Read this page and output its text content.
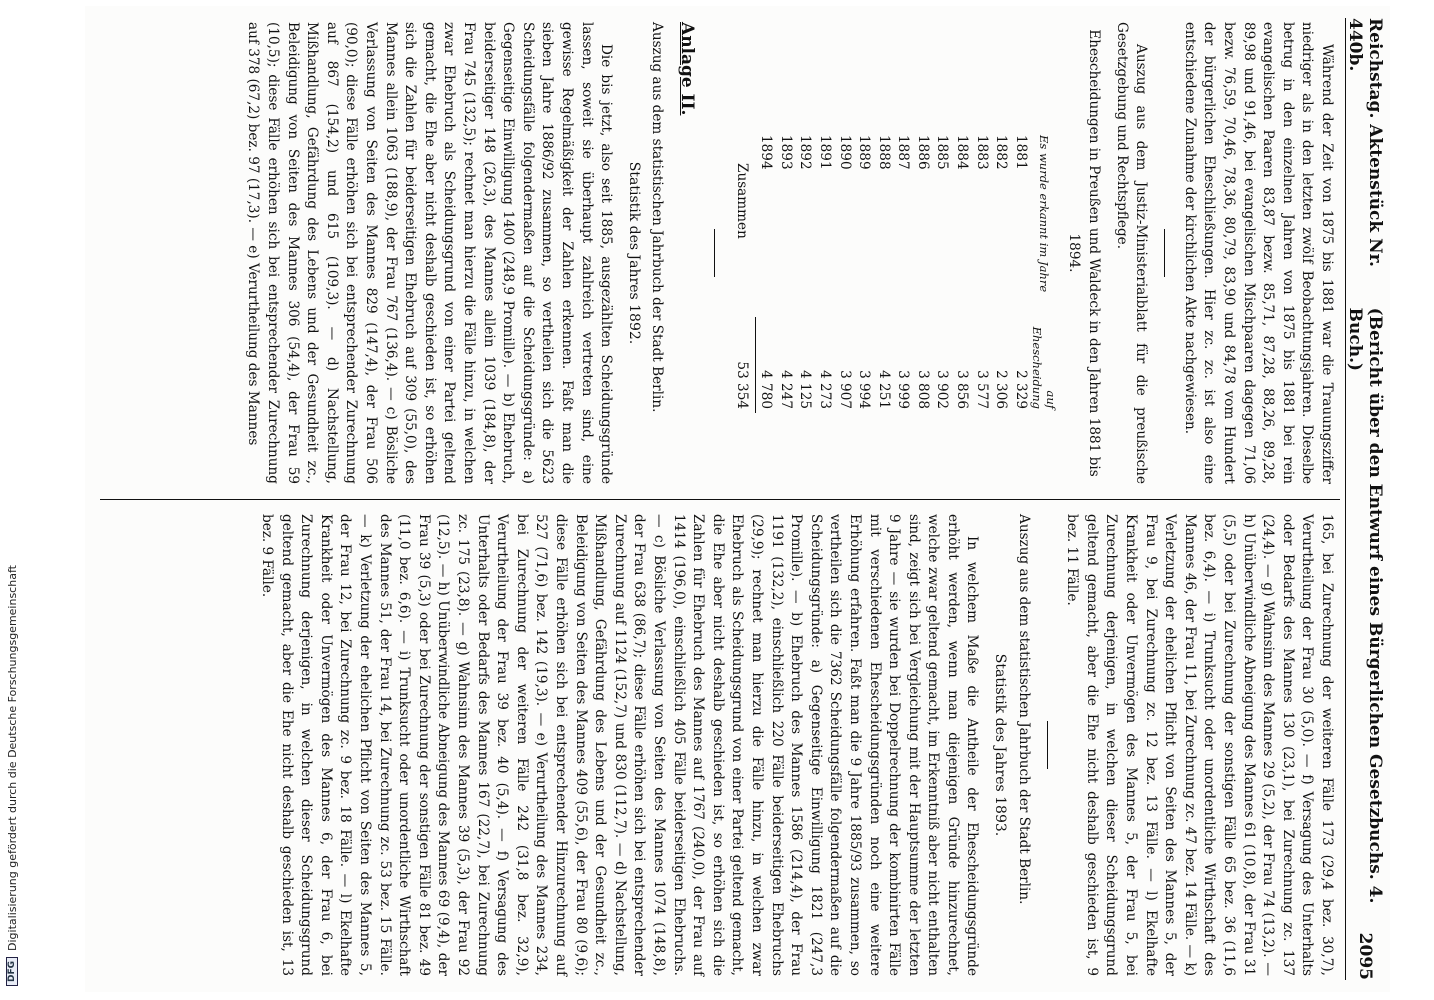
DFG
Digitalisierung gefördert durch die Deutsche Forschungsgemeinschaft
Reichstag. Aktenstück Nr. 440b.
(Bericht über den Entwurf eines Bürgerlichen Gesetzbuchs. 4. Buch.)
2095

Während der Zeit von 1875 bis 1881 war die Trauungsziffer niedriger als in den letzten zwölf Beobachtungsjahren. Dieselbe betrug in den einzelnen Jahren von 1875 bis 1881 bei rein evangelischen Paaren 83,87 bezw. 85,71, 87,28, 88,26, 89,28, 89,98 und 91,46, bei evangelischen Mischpaaren dagegen 71,06 bezw. 76,59, 70,46, 78,36, 80,79, 83,90 und 84,78 vom Hundert der bürgerlichen Eheschließungen. Hier zc. zc. ist also eine entschiedene Zunahme der kirchlichen Akte nachgewiesen.

Auszug aus dem Justiz-Ministerialblatt für die preußische Gesetzgebung und Rechtspflege.

Ehescheidungen in Preußen und Waldeck in den Jahren 1881 bis 1894.

Es wurde erkannt im Jahre	auf Ehescheidung
1881	2 329
1882	2 306
1883	3 577
1884	3 856
1885	3 902
1886	3 808
1887	3 999
1888	4 251
1889	3 994
1890	3 907
1891	4 273
1892	4 125
1893	4 247
1894	4 780
Zusammen	53 354
Anlage II.

Auszug aus dem statistischen Jahrbuch der Stadt Berlin.

Statistik des Jahres 1892.

Die bis jetzt, also seit 1885, ausgezählten Scheidungsgründe lassen, soweit sie überhaupt zahlreich vertreten sind, eine gewisse Regelmäßigkeit der Zahlen erkennen. Faßt man die sieben Jahre 1886/92 zusammen, so vertheilen sich die 5623 Scheidungsfälle folgendermaßen auf die Scheidungsgründe: a) Gegenseitige Einwilligung 1400 (248,9 Promille). — b) Ehebruch, beiderseitiger 148 (26,3), des Mannes allein 1039 (184,8), der Frau 745 (132,5); rechnet man hierzu die Fälle hinzu, in welchen zwar Ehebruch als Scheidungsgrund von einer Partei geltend gemacht, die Ehe aber nicht deshalb geschieden ist, so erhöhen sich die Zahlen für beiderseitigen Ehebruch auf 309 (55,0), des Mannes allein 1063 (188,9), der Frau 767 (136,4). — c) Bösliche Verlassung von Seiten des Mannes 829 (147,4), der Frau 506 (90,0); diese Fälle erhöhen sich bei entsprechender Zurechnung auf 867 (154,2) und 615 (109,3). — d) Nachstellung, Mißhandlung, Gefährdung des Lebens und der Gesundheit zc., Beleidigung von Seiten des Mannes 306 (54,4), der Frau 59 (10,5); diese Fälle erhöhen sich bei entsprechender Zurechnung auf 378 (67,2) bez. 97 (17,3). — e) Verurtheilung des Mannes

165, bei Zurechnung der weiteren Fälle 173 (29,4 bez. 30,7), Verurtheilung der Frau 30 (5,0). — f) Versagung des Unterhalts oder Bedarfs des Mannes 130 (23,1), bei Zurechnung zc. 137 (24,4). — g) Wahnsinn des Mannes 29 (5,2), der Frau 74 (13,2). — h) Unüberwindliche Abneigung des Mannes 61 (10,8), der Frau 31 (5,5) oder bei Zurechnung der sonstigen Fälle 65 bez. 36 (11,6 bez. 6,4). — i) Trunksucht oder unordentliche Wirthschaft des Mannes 46, der Frau 11, bei Zurechnung zc. 47 bez. 14 Fälle. — k) Verletzung der ehelichen Pflicht von Seiten des Mannes 5, der Frau 9, bei Zurechnung zc. 12 bez. 13 Fälle. — l) Ekelhafte Krankheit oder Unvermögen des Mannes 5, der Frau 5, bei Zurechnung derjenigen, in welchen dieser Scheidungsgrund geltend gemacht, aber die Ehe nicht deshalb geschieden ist, 9 bez. 11 Fälle.

Auszug aus dem statistischen Jahrbuch der Stadt Berlin.

Statistik des Jahres 1893.

In welchem Maße die Antheile der Ehescheidungsgründe erhöht werden, wenn man diejenigen Gründe hinzurechnet, welche zwar geltend gemacht, im Erkenntniß aber nicht enthalten sind, zeigt sich bei Vergleichung mit der Hauptsumme der letzten 9 Jahre — sie wurden bei Doppelrechnung der kombinirten Fälle mit verschiedenen Ehescheidungsgründen noch eine weitere Erhöhung erfahren. Faßt man die 9 Jahre 1885/93 zusammen, so vertheilen sich die 7362 Scheidungsfälle folgendermaßen auf die Scheidungsgründe: a) Gegenseitige Einwilligung 1821 (247,3 Promille). — b) Ehebruch des Mannes 1586 (214,4), der Frau 1191 (132,2), einschließlich 220 Fälle beiderseitigen Ehebruchs (29,9); rechnet man hierzu die Fälle hinzu, in welchen zwar Ehebruch als Scheidungsgrund von einer Partei geltend gemacht, die Ehe aber nicht deshalb geschieden ist, so erhöhen sich die Zahlen für Ehebruch des Mannes auf 1767 (240,0), der Frau auf 1414 (196,0), einschließlich 405 Fälle beiderseitigen Ehebruchs. — c) Bösliche Verlassung von Seiten des Mannes 1074 (148,8), der Frau 638 (86,7); diese Fälle erhöhen sich bei entsprechender Zurechnung auf 1124 (152,7) und 830 (112,7). — d) Nachstellung, Mißhandlung, Gefährdung des Lebens und der Gesundheit zc., Beleidigung von Seiten des Mannes 409 (55,6), der Frau 80 (9,6); diese Fälle erhöhen sich bei entsprechender Hinzurechnung auf 527 (71,6) bez. 142 (19,3). — e) Verurtheilung des Mannes 234, bei Zurechnung der weiteren Fälle 242 (31,8 bez. 32,9), Verurtheilung der Frau 39 bez. 40 (5,4). — f) Versagung des Unterhalts oder Bedarfs des Mannes 167 (22,7), bei Zurechnung zc. 175 (23,8). — g) Wahnsinn des Mannes 39 (5,3), der Frau 92 (12,5). — h) Unüberwindliche Abneigung des Mannes 69 (9,4), der Frau 39 (5,3) oder bei Zurechnung der sonstigen Fälle 81 bez. 49 (11,0 bez. 6,6). — i) Trunksucht oder unordentliche Wirthschaft des Mannes 51, der Frau 14, bei Zurechnung zc. 53 bez. 15 Fälle. — k) Verletzung der ehelichen Pflicht von Seiten des Mannes 5, der Frau 12, bei Zurechnung zc. 9 bez. 18 Fälle. — l) Ekelhafte Krankheit oder Unvermögen des Mannes 6, der Frau 6, bei Zurechnung derjenigen, in welchen dieser Scheidungsgrund geltend gemacht, aber die Ehe nicht deshalb geschieden ist, 13 bez. 9 Fälle.
